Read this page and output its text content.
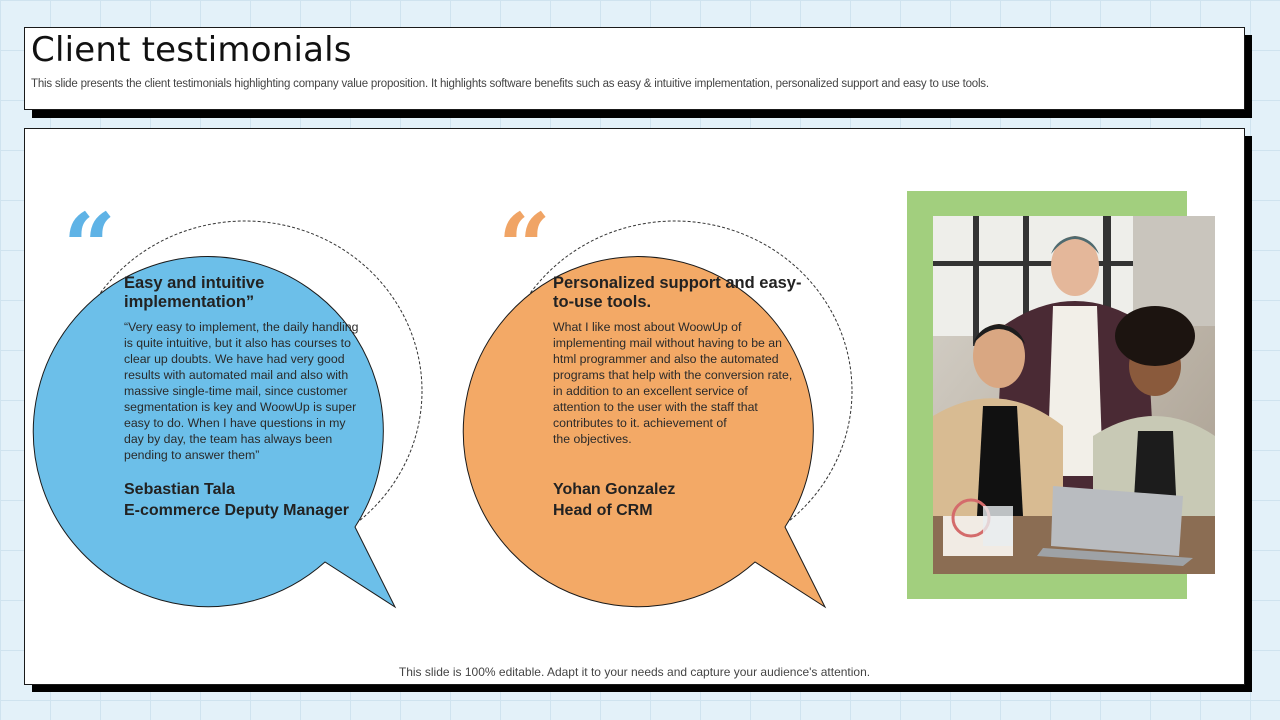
Client testimonials
This slide presents the client testimonials highlighting company value proposition. It highlights software benefits such as easy & intuitive implementation, personalized support and easy to use tools.
“ Easy and intuitive implementation”

“Very easy to implement, the daily handling
is quite intuitive, but it also has courses to
clear up doubts. We have had very good
results with automated mail and also with
massive single-time mail, since customer
segmentation is key and WoowUp is super
easy to do. When I have questions in my
day by day, the team has always been
pending to answer them”

Sebastian Tala
E-commerce Deputy Manager
“ Personalized support and easy-to-use tools.

What I like most about WoowUp of
implementing mail without having to be an
html programmer and also the automated
programs that help with the conversion rate,
in addition to an excellent service of
attention to the user with the staff that
contributes to it. achievement of
the objectives.

Yohan Gonzalez
Head of CRM
This slide is 100% editable. Adapt it to your needs and capture your audience's attention.
